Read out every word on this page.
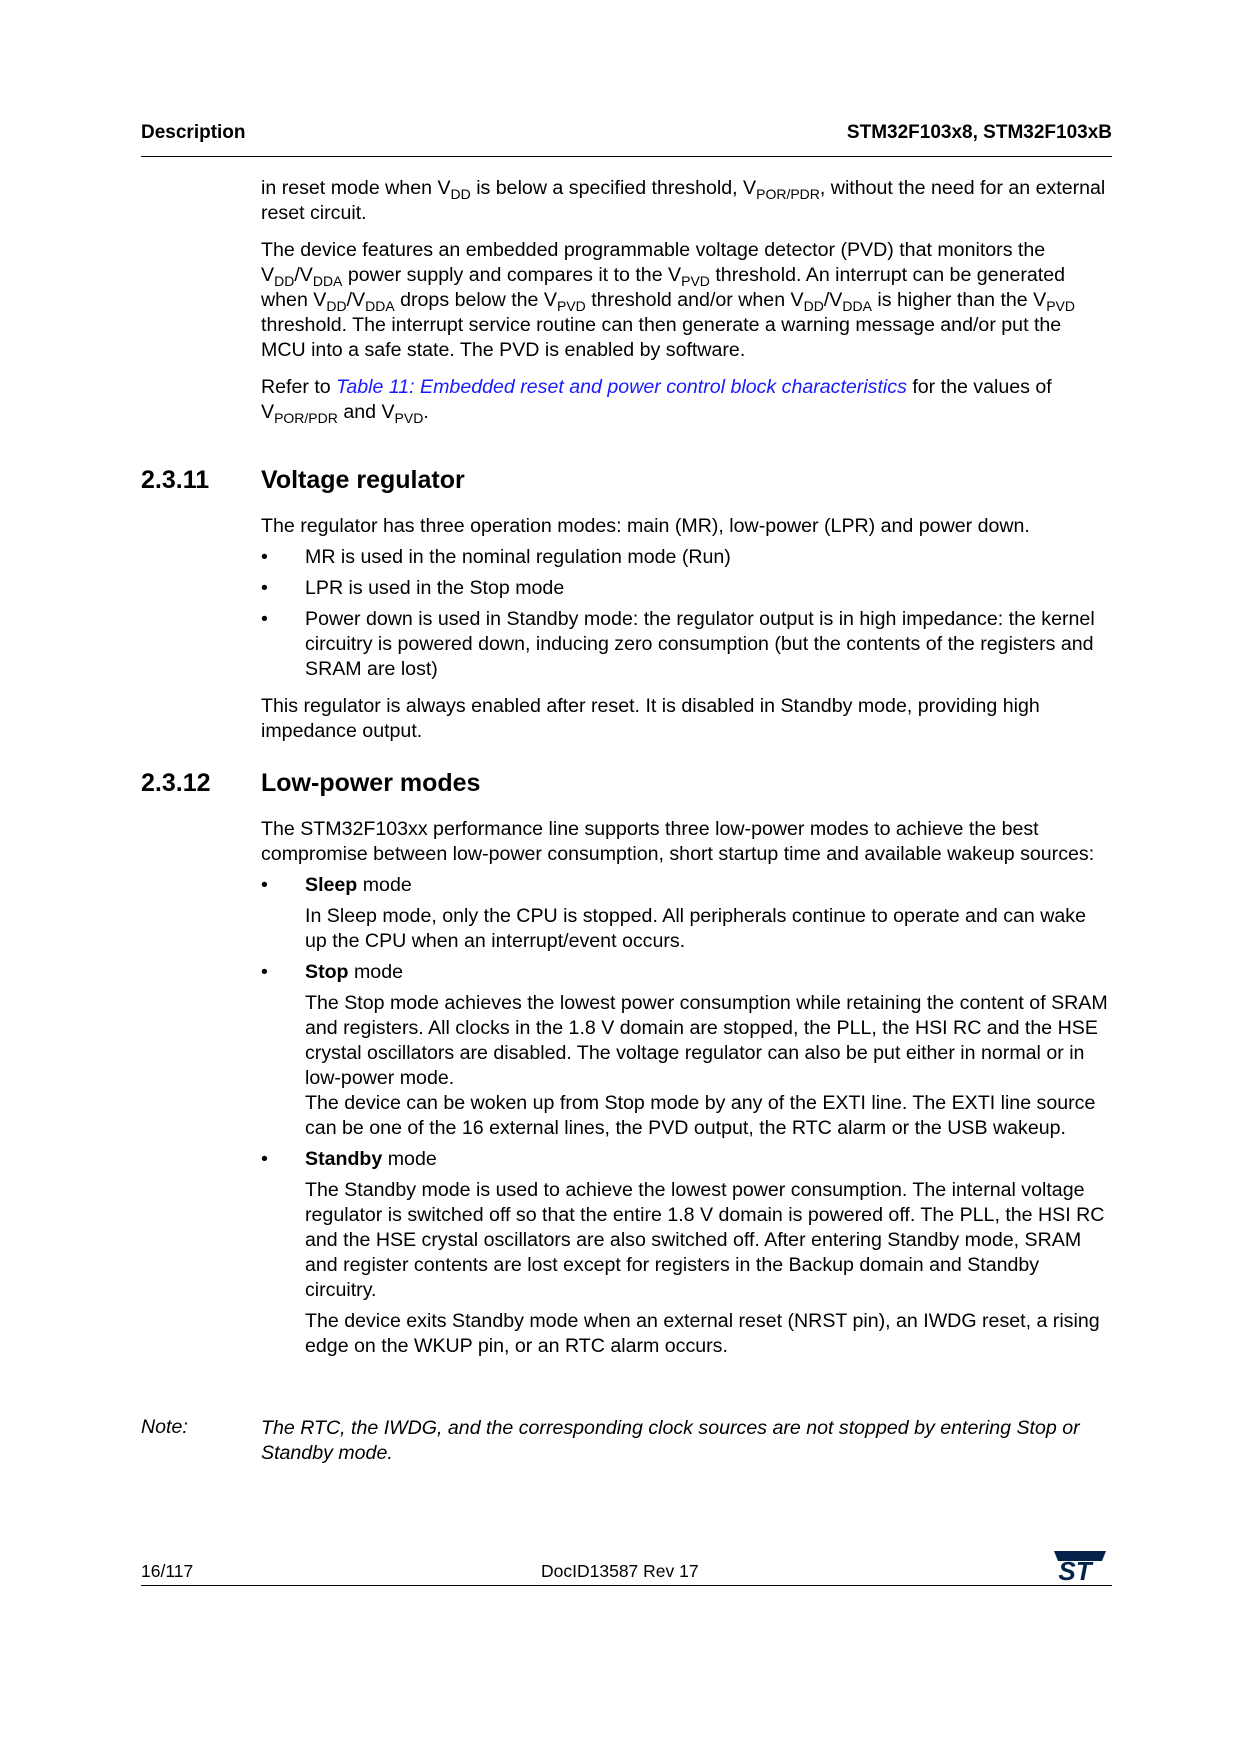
Description	STM32F103x8, STM32F103xB

in reset mode when $V_{DD}$ is below a specified threshold, $V_{POR/PDR}$, without the need for an external reset circuit.

The device features an embedded programmable voltage detector (PVD) that monitors the $V_{DD}/V_{DDA}$ power supply and compares it to the $V_{PVD}$ threshold. An interrupt can be generated when $V_{DD}/V_{DDA}$ drops below the $V_{PVD}$ threshold and/or when $V_{DD}/V_{DDA}$ is higher than the $V_{PVD}$ threshold. The interrupt service routine can then generate a warning message and/or put the MCU into a safe state. The PVD is enabled by software.

Refer to Table 11: Embedded reset and power control block characteristics for the values of $V_{POR/PDR}$ and $V_{PVD}$.

2.3.11 Voltage regulator

The regulator has three operation modes: main (MR), low-power (LPR) and power down.

• MR is used in the nominal regulation mode (Run)
• LPR is used in the Stop mode
• Power down is used in Standby mode: the regulator output is in high impedance: the kernel circuitry is powered down, inducing zero consumption (but the contents of the registers and SRAM are lost)

This regulator is always enabled after reset. It is disabled in Standby mode, providing high impedance output.

2.3.12 Low-power modes

The STM32F103xx performance line supports three low-power modes to achieve the best compromise between low-power consumption, short startup time and available wakeup sources:

• Sleep mode
In Sleep mode, only the CPU is stopped. All peripherals continue to operate and can wake up the CPU when an interrupt/event occurs.
• Stop mode
The Stop mode achieves the lowest power consumption while retaining the content of SRAM and registers. All clocks in the 1.8 V domain are stopped, the PLL, the HSI RC and the HSE crystal oscillators are disabled. The voltage regulator can also be put either in normal or in low-power mode.
The device can be woken up from Stop mode by any of the EXTI line. The EXTI line source can be one of the 16 external lines, the PVD output, the RTC alarm or the USB wakeup.
• Standby mode
The Standby mode is used to achieve the lowest power consumption. The internal voltage regulator is switched off so that the entire 1.8 V domain is powered off. The PLL, the HSI RC and the HSE crystal oscillators are also switched off. After entering Standby mode, SRAM and register contents are lost except for registers in the Backup domain and Standby circuitry.
The device exits Standby mode when an external reset (NRST pin), an IWDG reset, a rising edge on the WKUP pin, or an RTC alarm occurs.
Note:	The RTC, the IWDG, and the corresponding clock sources are not stopped by entering Stop or Standby mode.
16/117	DocID13587 Rev 17	ST
